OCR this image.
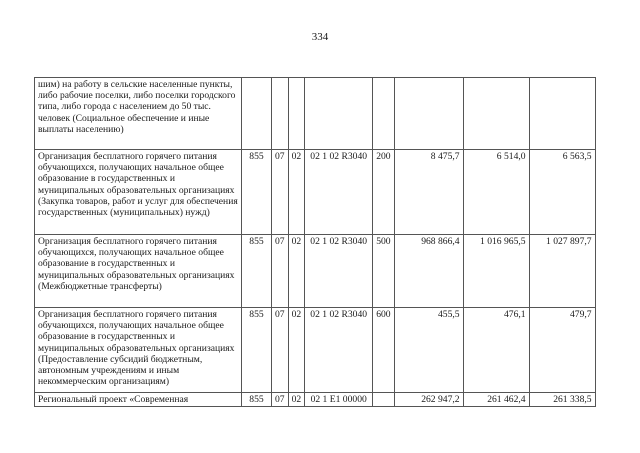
334
шим) на работу в сельские населенные пункты, либо рабочие поселки, либо поселки городского типа, либо города с населением до 50 тыс. человек (Социальное обеспечение и иные выплаты населению)								
Организация бесплатного горячего питания обучающихся, получающих начальное общее образование в государственных и муниципальных образовательных организациях (Закупка товаров, работ и услуг для обеспечения государственных (муниципальных) нужд)	855	07	02	02 1 02 R3040	200	8 475,7	6 514,0	6 563,5
Организация бесплатного горячего питания обучающихся, получающих начальное общее образование в государственных и муниципальных образовательных организациях (Межбюджетные трансферты)	855	07	02	02 1 02 R3040	500	968 866,4	1 016 965,5	1 027 897,7
Организация бесплатного горячего питания обучающихся, получающих начальное общее образование в государственных и муниципальных образовательных организациях (Предоставление субсидий бюджетным, автономным учреждениям и иным некоммерческим организациям)	855	07	02	02 1 02 R3040	600	455,5	476,1	479,7
Региональный проект «Современная	855	07	02	02 1 E1 00000		262 947,2	261 462,4	261 338,5
